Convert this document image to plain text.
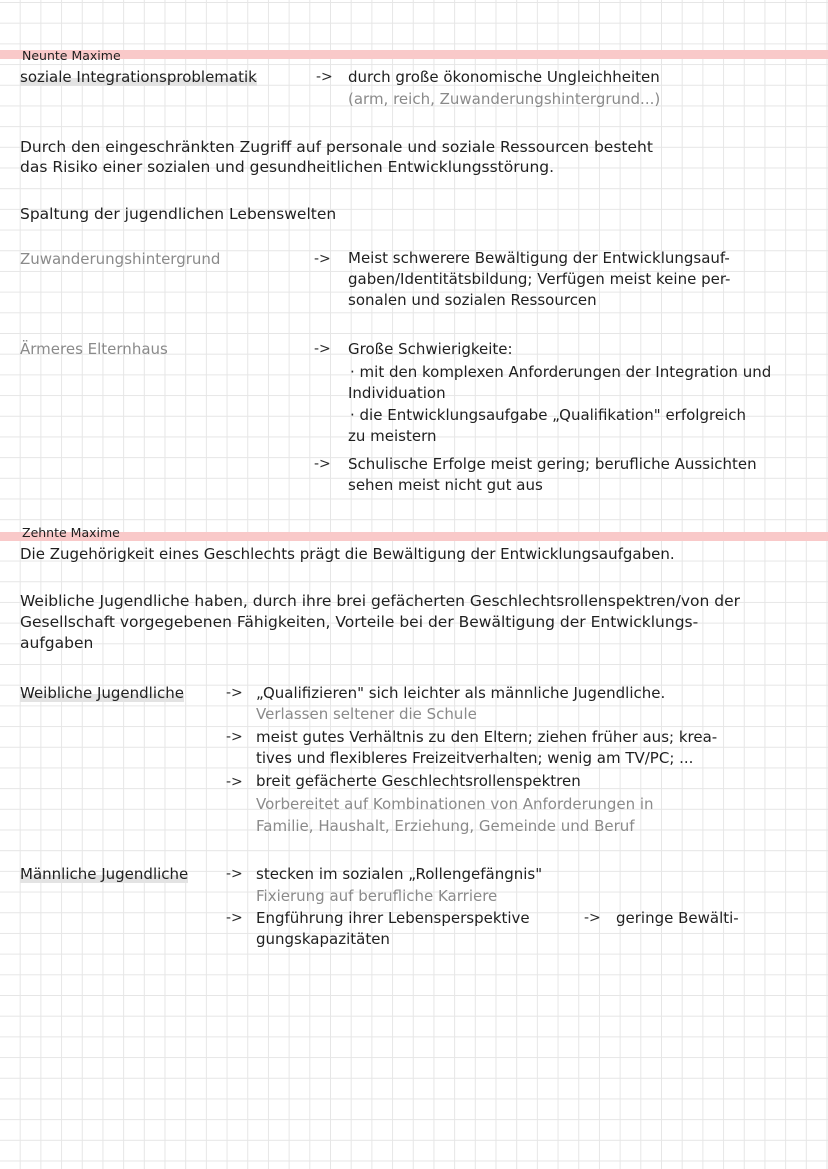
Neunte Maxime

soziale Integrationsproblematik	-> durch große ökonomische Ungleichheiten

(arm, reich, Zuwanderungshintergrund...)

Durch den eingeschränkten Zugriff auf personale und soziale Ressourcen besteht

das Risiko einer sozialen und gesundheitlichen Entwicklungsstörung.

Spaltung der jugendlichen Lebenswelten

Zuwanderungshintergrund	-> Meist schwerere Bewältigung der Entwicklungsauf-

gaben/Identitätsbildung; Verfügen meist keine per-

sonalen und sozialen Ressourcen

Ärmeres Elternhaus	-> Große Schwierigkeite:

· mit den komplexen Anforderungen der Integration und

Individuation

· die Entwicklungsaufgabe „Qualifikation" erfolgreich

zu meistern

-> Schulische Erfolge meist gering; berufliche Aussichten

sehen meist nicht gut aus

Zehnte Maxime

Die Zugehörigkeit eines Geschlechts prägt die Bewältigung der Entwicklungsaufgaben.

Weibliche Jugendliche haben, durch ihre brei gefächerten Geschlechtsrollenspektren/von der

Gesellschaft vorgegebenen Fähigkeiten, Vorteile bei der Bewältigung der Entwicklungs-

aufgaben

Weibliche Jugendliche	-> „Qualifizieren" sich leichter als männliche Jugendliche.

Verlassen seltener die Schule

-> meist gutes Verhältnis zu den Eltern; ziehen früher aus; krea-

tives und flexibleres Freizeitverhalten; wenig am TV/PC; ...

-> breit gefächerte Geschlechtsrollenspektren

Vorbereitet auf Kombinationen von Anforderungen in

Familie, Haushalt, Erziehung, Gemeinde und Beruf

Männliche Jugendliche	-> stecken im sozialen „Rollengefängnis"

Fixierung auf berufliche Karriere

-> Engführung ihrer Lebensperspektive	-> geringe Bewälti-

gungskapazitäten
